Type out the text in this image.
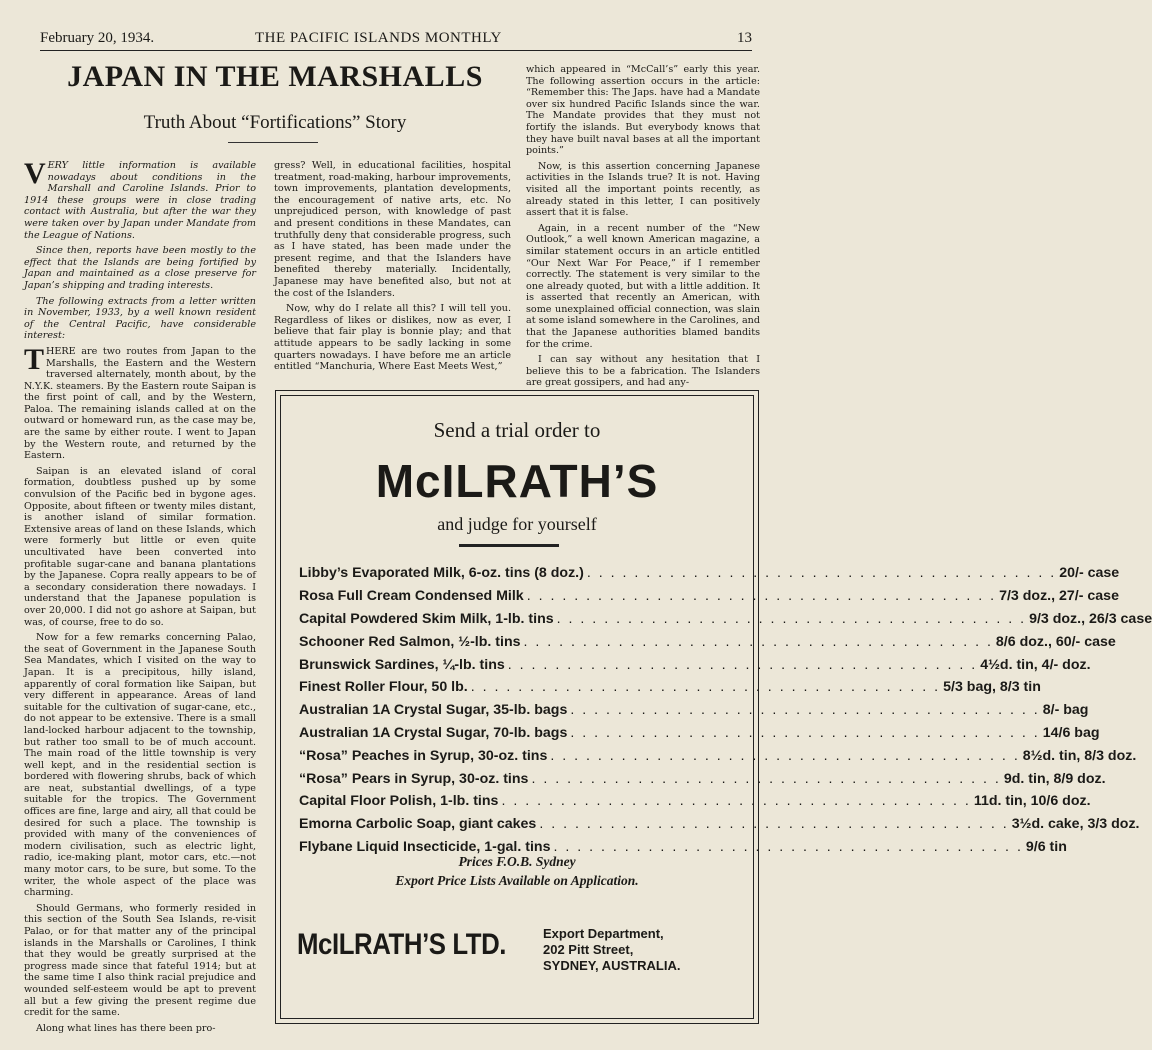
February 20, 1934.	THE PACIFIC ISLANDS MONTHLY	13
JAPAN IN THE MARSHALLS
Truth About “Fortifications” Story

VERY little information is available nowadays about conditions in the Marshall and Caroline Islands. Prior to 1914 these groups were in close trading contact with Australia, but after the war they were taken over by Japan under Mandate from the League of Nations.

Since then, reports have been mostly to the effect that the Islands are being fortified by Japan and maintained as a close preserve for Japan’s shipping and trading interests.

The following extracts from a letter written in November, 1933, by a well known resident of the Central Pacific, have considerable interest:

THERE are two routes from Japan to the Marshalls, the Eastern and the Western traversed alternately, month about, by the N.Y.K. steamers. By the Eastern route Saipan is the first point of call, and by the Western, Paloa. The remaining islands called at on the outward or homeward run, as the case may be, are the same by either route. I went to Japan by the Western route, and returned by the Eastern.

Saipan is an elevated island of coral formation, doubtless pushed up by some convulsion of the Pacific bed in bygone ages. Opposite, about fifteen or twenty miles distant, is another island of similar formation. Extensive areas of land on these Islands, which were formerly but little or even quite uncultivated have been converted into profitable sugar-cane and banana plantations by the Japanese. Copra really appears to be of a secondary consideration there nowadays. I understand that the Japanese population is over 20,000. I did not go ashore at Saipan, but was, of course, free to do so.

Now for a few remarks concerning Palao, the seat of Government in the Japanese South Sea Mandates, which I visited on the way to Japan. It is a precipitous, hilly island, apparently of coral formation like Saipan, but very different in appearance. Areas of land suitable for the cultivation of sugar-cane, etc., do not appear to be extensive. There is a small land-locked harbour adjacent to the township, but rather too small to be of much account. The main road of the little township is very well kept, and in the residential section is bordered with flowering shrubs, back of which are neat, substantial dwellings, of a type suitable for the tropics. The Government offices are fine, large and airy, all that could be desired for such a place. The township is provided with many of the conveniences of modern civilisation, such as electric light, radio, ice-making plant, motor cars, etc.—not many motor cars, to be sure, but some. To the writer, the whole aspect of the place was charming.

Should Germans, who formerly resided in this section of the South Sea Islands, re-visit Palao, or for that matter any of the principal islands in the Marshalls or Carolines, I think that they would be greatly surprised at the progress made since that fateful 1914; but at the same time I also think racial prejudice and wounded self-esteem would be apt to prevent all but a few giving the present regime due credit for the same.

Along what lines has there been pro-

gress? Well, in educational facilities, hospital treatment, road-making, harbour improvements, town improvements, plantation developments, the encouragement of native arts, etc. No unprejudiced person, with knowledge of past and present conditions in these Mandates, can truthfully deny that considerable progress, such as I have stated, has been made under the present regime, and that the Islanders have benefited thereby materially. Incidentally, Japanese may have benefited also, but not at the cost of the Islanders.

Now, why do I relate all this? I will tell you. Regardless of likes or dislikes, now as ever, I believe that fair play is bonnie play; and that attitude appears to be sadly lacking in some quarters nowadays. I have before me an article entitled “Manchuria, Where East Meets West,”

which appeared in “McCall’s” early this year. The following assertion occurs in the article: “Remember this: The Japs. have had a Mandate over six hundred Pacific Islands since the war. The Mandate provides that they must not fortify the islands. But everybody knows that they have built naval bases at all the important points.”

Now, is this assertion concerning Japanese activities in the Islands true? It is not. Having visited all the important points recently, as already stated in this letter, I can positively assert that it is false.

Again, in a recent number of the “New Outlook,” a well known American magazine, a similar statement occurs in an article entitled “Our Next War For Peace,” if I remember correctly. The statement is very similar to the one already quoted, but with a little addition. It is asserted that recently an American, with some unexplained official connection, was slain at some island somewhere in the Carolines, and that the Japanese authorities blamed bandits for the crime.

I can say without any hesitation that I believe this to be a fabrication. The Islanders are great gossipers, and had any-

Send a trial order to
McILRATH’S
and judge for yourself
Libby’s Evaporated Milk, 6-oz. tins (8 doz.) . . . . . . . . . . . . . . . . . . . . . . . . . . . . . . . . . . . . . . . . 20/- case
Rosa Full Cream Condensed Milk . . . . . . . . . . . . . . . . . . . . . . . . . . . . . . . . . . . . . . . . 7/3 doz., 27/- case
Capital Powdered Skim Milk, 1-lb. tins . . . . . . . . . . . . . . . . . . . . . . . . . . . . . . . . . . . . . . . . 9/3 doz., 26/3 case
Schooner Red Salmon, ½-lb. tins . . . . . . . . . . . . . . . . . . . . . . . . . . . . . . . . . . . . . . . . 8/6 doz., 60/- case
Brunswick Sardines, ¼-lb. tins . . . . . . . . . . . . . . . . . . . . . . . . . . . . . . . . . . . . . . . . 4½d. tin, 4/- doz.
Finest Roller Flour, 50 lb. . . . . . . . . . . . . . . . . . . . . . . . . . . . . . . . . . . . . . . . . 5/3 bag, 8/3 tin
Australian 1A Crystal Sugar, 35-lb. bags . . . . . . . . . . . . . . . . . . . . . . . . . . . . . . . . . . . . . . . . 8/- bag
Australian 1A Crystal Sugar, 70-lb. bags . . . . . . . . . . . . . . . . . . . . . . . . . . . . . . . . . . . . . . . . 14/6 bag
“Rosa” Peaches in Syrup, 30-oz. tins . . . . . . . . . . . . . . . . . . . . . . . . . . . . . . . . . . . . . . . . 8½d. tin, 8/3 doz.
“Rosa” Pears in Syrup, 30-oz. tins . . . . . . . . . . . . . . . . . . . . . . . . . . . . . . . . . . . . . . . . 9d. tin, 8/9 doz.
Capital Floor Polish, 1-lb. tins . . . . . . . . . . . . . . . . . . . . . . . . . . . . . . . . . . . . . . . . 11d. tin, 10/6 doz.
Emorna Carbolic Soap, giant cakes . . . . . . . . . . . . . . . . . . . . . . . . . . . . . . . . . . . . . . . . 3½d. cake, 3/3 doz.
Flybane Liquid Insecticide, 1-gal. tins . . . . . . . . . . . . . . . . . . . . . . . . . . . . . . . . . . . . . . . . 9/6 tin
Prices F.O.B. Sydney
Export Price Lists Available on Application.
McILRATH’S LTD.	Export Department,
202 Pitt Street,
SYDNEY, AUSTRALIA.
